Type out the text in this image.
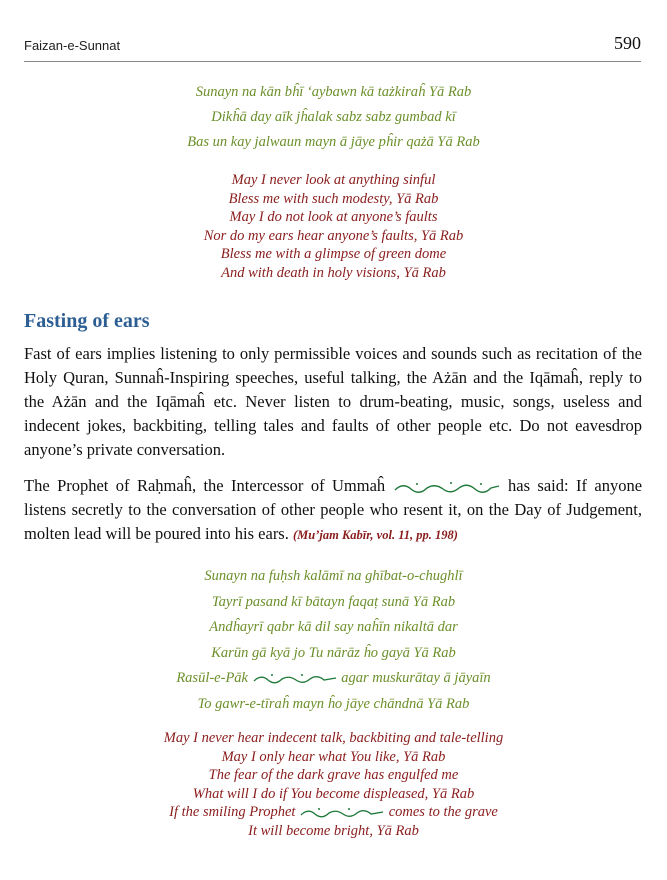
Faizan-e-Sunnat	590
Sunayn na kān bĥī ‘aybawn kā tażkiraĥ Yā Rab
Dikĥā day aīk jĥalak sabz sabz gumbad kī
Bas un kay jalwaun mayn ā jāye pĥir qażā Yā Rab
May I never look at anything sinful
Bless me with such modesty, Yā Rab
May I do not look at anyone’s faults
Nor do my ears hear anyone’s faults, Yā Rab
Bless me with a glimpse of green dome
And with death in holy visions, Yā Rab
Fasting of ears
Fast of ears implies listening to only permissible voices and sounds such as recitation of the Holy Quran, Sunnaĥ-Inspiring speeches, useful talking, the Ażān and the Iqāmaĥ, reply to the Ażān and the Iqāmaĥ etc. Never listen to drum-beating, music, songs, useless and indecent jokes, backbiting, telling tales and faults of other people etc. Do not eavesdrop anyone’s private conversation.
The Prophet of Raḥmaĥ, the Intercessor of Ummaĥ	has said: If anyone listens secretly to the conversation of other people who resent it, on the Day of Judgement, molten lead will be poured into his ears. (Mu’jam Kabīr, vol. 11, pp. 198)
Sunayn na fuḥsh kalāmī na ghībat-o-chughlī
Tayrī pasand kī bātayn faqaṭ sunā Yā Rab
Andĥayrī qabr kā dil say naĥīn nikaltā dar
Karūn gā kyā jo Tu nārāz ĥo gayā Yā Rab
Rasūl-e-Pāk	agar muskurātay ā jāyaīn
To gawr-e-tīraĥ mayn ĥo jāye chāndnā Yā Rab
May I never hear indecent talk, backbiting and tale-telling
May I only hear what You like, Yā Rab
The fear of the dark grave has engulfed me
What will I do if You become displeased, Yā Rab
If the smiling Prophet	comes to the grave
It will become bright, Yā Rab
